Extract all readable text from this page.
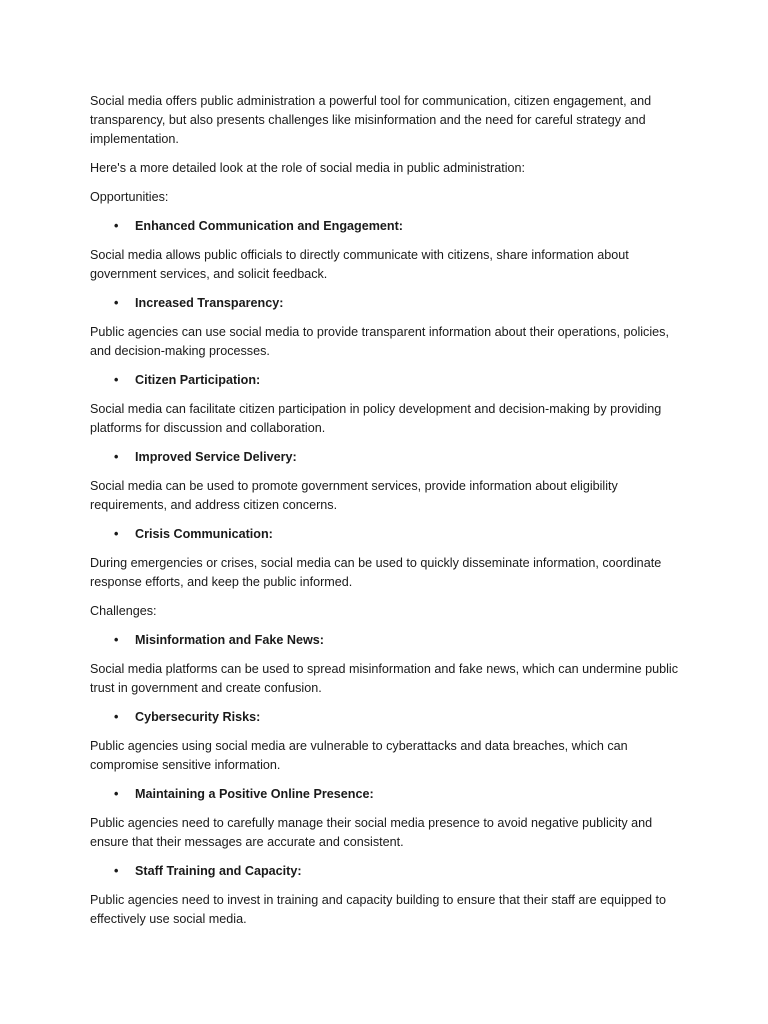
Social media offers public administration a powerful tool for communication, citizen engagement, and transparency, but also presents challenges like misinformation and the need for careful strategy and implementation.

Here's a more detailed look at the role of social media in public administration:

Opportunities:

• Enhanced Communication and Engagement:

Social media allows public officials to directly communicate with citizens, share information about government services, and solicit feedback.

• Increased Transparency:

Public agencies can use social media to provide transparent information about their operations, policies, and decision-making processes.

• Citizen Participation:

Social media can facilitate citizen participation in policy development and decision-making by providing platforms for discussion and collaboration.

• Improved Service Delivery:

Social media can be used to promote government services, provide information about eligibility requirements, and address citizen concerns.

• Crisis Communication:

During emergencies or crises, social media can be used to quickly disseminate information, coordinate response efforts, and keep the public informed.

Challenges:

• Misinformation and Fake News:

Social media platforms can be used to spread misinformation and fake news, which can undermine public trust in government and create confusion.

• Cybersecurity Risks:

Public agencies using social media are vulnerable to cyberattacks and data breaches, which can compromise sensitive information.

• Maintaining a Positive Online Presence:

Public agencies need to carefully manage their social media presence to avoid negative publicity and ensure that their messages are accurate and consistent.

• Staff Training and Capacity:

Public agencies need to invest in training and capacity building to ensure that their staff are equipped to effectively use social media.
